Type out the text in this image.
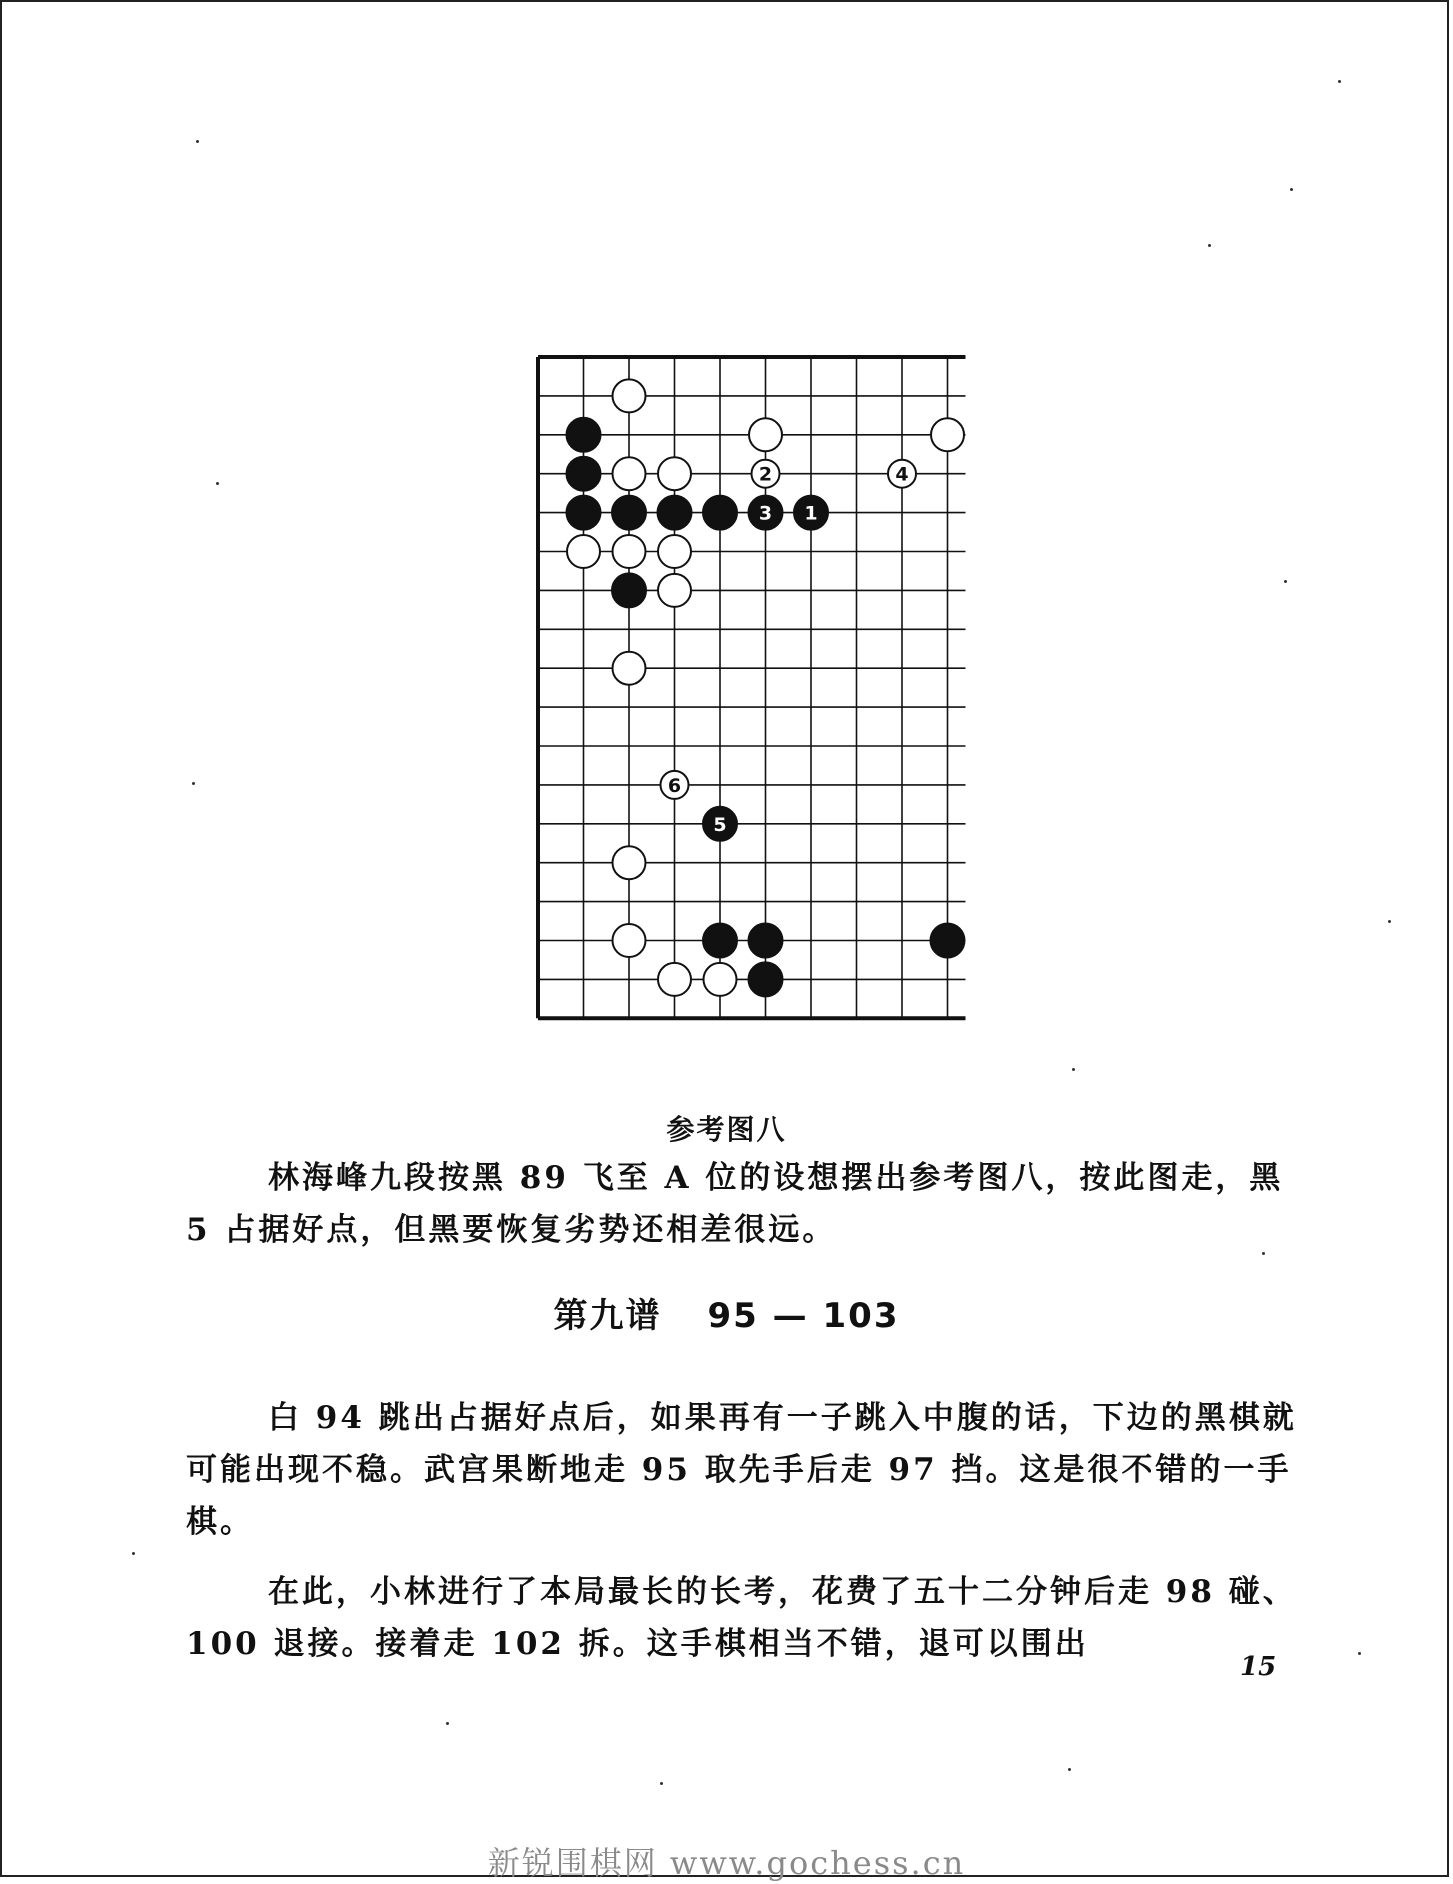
2	4
3 1
6
5
参考图八

林海峰九段按黑 89 飞至 A 位的设想摆出参考图八，按此图走，黑 5 占据好点，但黑要恢复劣势还相差很远。

第九谱 95 — 103

白 94 跳出占据好点后，如果再有一子跳入中腹的话，下边的黑棋就可能出现不稳。武宫果断地走 95 取先手后走 97 挡。这是很不错的一手棋。

在此，小林进行了本局最长的长考，花费了五十二分钟后走 98 碰、100 退接。接着走 102 拆。这手棋相当不错，退可以围出

15
新锐围棋网 www.gochess.cn
